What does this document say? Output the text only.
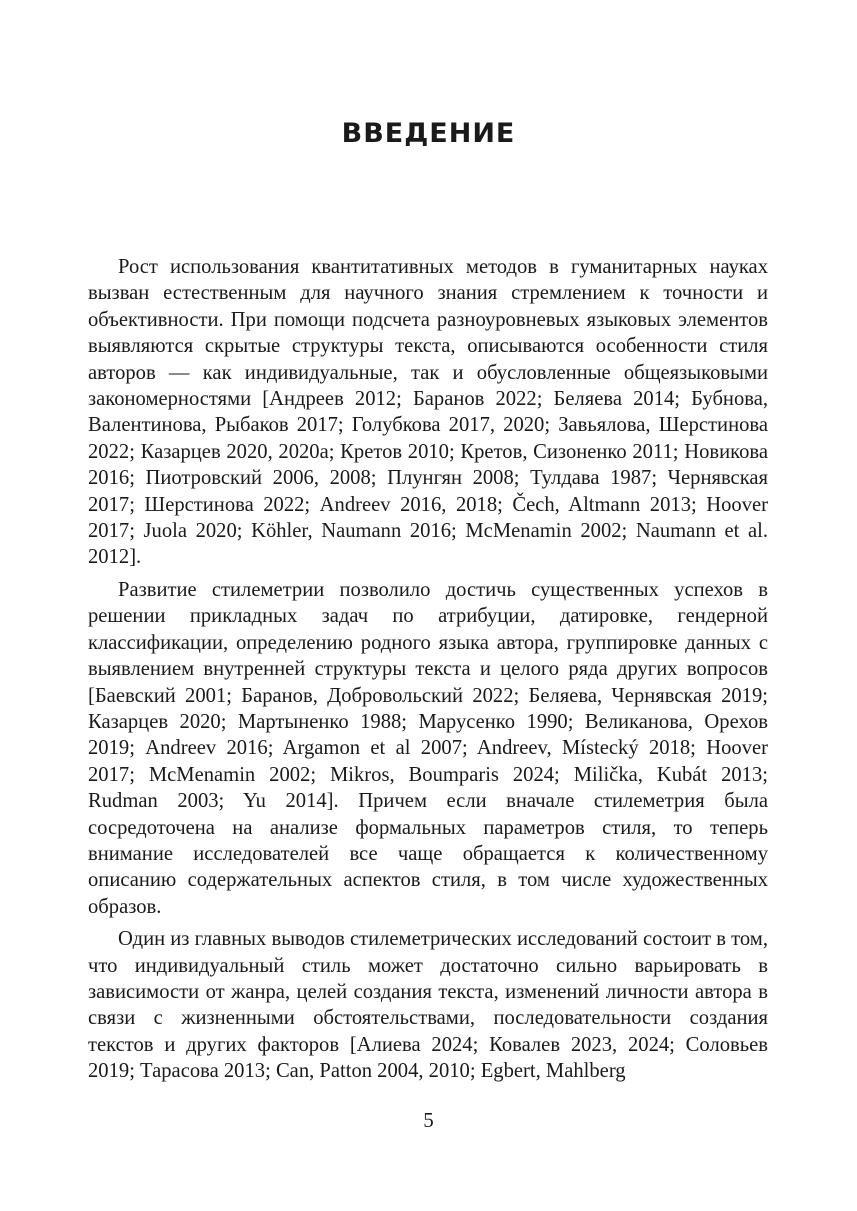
ВВЕДЕНИЕ

Рост использования квантитативных методов в гуманитарных науках вызван естественным для научного знания стремлением к точности и объективности. При помощи подсчета разноуровневых языковых элементов выявляются скрытые структуры текста, описываются особенности стиля авторов — как индивидуальные, так и обусловленные общеязыковыми закономерностями [Андреев 2012; Баранов 2022; Беляева 2014; Бубнова, Валентинова, Рыбаков 2017; Голубкова 2017, 2020; Завьялова, Шерстинова 2022; Казарцев 2020, 2020а; Кретов 2010; Кретов, Сизоненко 2011; Новикова 2016; Пиотровский 2006, 2008; Плунгян 2008; Тулдава 1987; Чернявская 2017; Шерстинова 2022; Andreev 2016, 2018; Čech, Altmann 2013; Hoover 2017; Juola 2020; Köhler, Naumann 2016; McMenamin 2002; Naumann et al. 2012].

Развитие стилеметрии позволило достичь существенных успехов в решении прикладных задач по атрибуции, датировке, гендерной классификации, определению родного языка автора, группировке данных с выявлением внутренней структуры текста и целого ряда других вопросов [Баевский 2001; Баранов, Добровольский 2022; Беляева, Чернявская 2019; Казарцев 2020; Мартыненко 1988; Марусенко 1990; Великанова, Орехов 2019; Andreev 2016; Argamon et al 2007; Andreev, Místecký 2018; Hoover 2017; McMenamin 2002; Mikros, Boumparis 2024; Milička, Kubát 2013; Rudman 2003; Yu 2014]. Причем если вначале стилеметрия была сосредоточена на анализе формальных параметров стиля, то теперь внимание исследователей все чаще обращается к количественному описанию содержательных аспектов стиля, в том числе художественных образов.

Один из главных выводов стилеметрических исследований состоит в том, что индивидуальный стиль может достаточно сильно варьировать в зависимости от жанра, целей создания текста, изменений личности автора в связи с жизненными обстоятельствами, последовательности создания текстов и других факторов [Алиева 2024; Ковалев 2023, 2024; Соловьев 2019; Тарасова 2013; Can, Patton 2004, 2010; Egbert, Mahlberg

5
